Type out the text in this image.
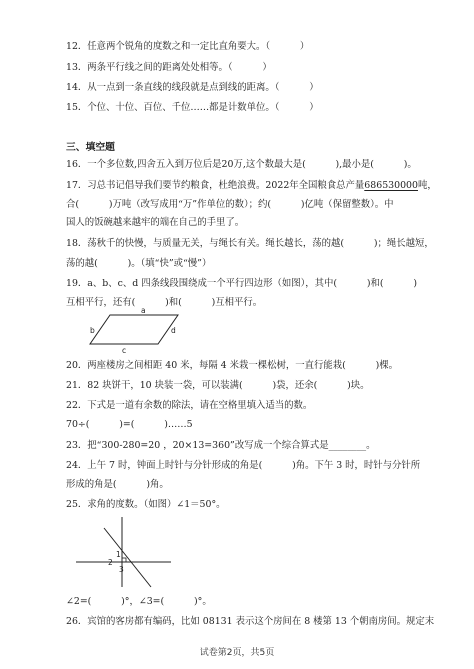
12．任意两个锐角的度数之和一定比直角要大。（          ）
13．两条平行线之间的距离处处相等。（          ）
14．从一点到一条直线的线段就是点到线的距离。（          ）
15．个位、十位、百位、千位……都是计数单位。（          ）
三、填空题
16．一个多位数,四舍五入到万位后是20万,这个数最大是(          ),最小是(          )。
17．习总书记倡导我们要节约粮食，杜绝浪费。2022年全国粮食总产量686530000吨，
合(          )万吨（改写成用“万”作单位的数）；约(          )亿吨（保留整数）。中
国人的饭碗越来越牢的端在自己的手里了。
18．荡秋千的快慢，与质量无关，与绳长有关。绳长越长，荡的越(          )；绳长越短，
荡的越(          )。（填“快”或“慢”）
19．a、b、c、d 四条线段围绕成一个平行四边形（如图），其中(          )和(          )
互相平行，还有(          )和(          )互相平行。
a
b	d
c
20．两座楼房之间相距 40 米，每隔 4 米栽一棵松树，一直行能栽(          )棵。
21．82 块饼干，10 块装一袋，可以装满(          )袋，还余(          )块。
22．下式是一道有余数的除法，请在空格里填入适当的数。
70÷(          )=(          )……5
23．把“300-280=20 ，20×13=360”改写成一个综合算式是________。
24．上午 7 时，钟面上时针与分针形成的角是(          )角。下午 3 时，时针与分针所
形成的角是(          )角。
25．求角的度数。（如图）∠1＝50°。
1
2
3
∠2=(          )°，∠3=(          )°。
26．宾馆的客房都有编码，比如 08131 表示这个房间在 8 楼第 13 个朝南房间。规定末
试卷第2页，共5页
